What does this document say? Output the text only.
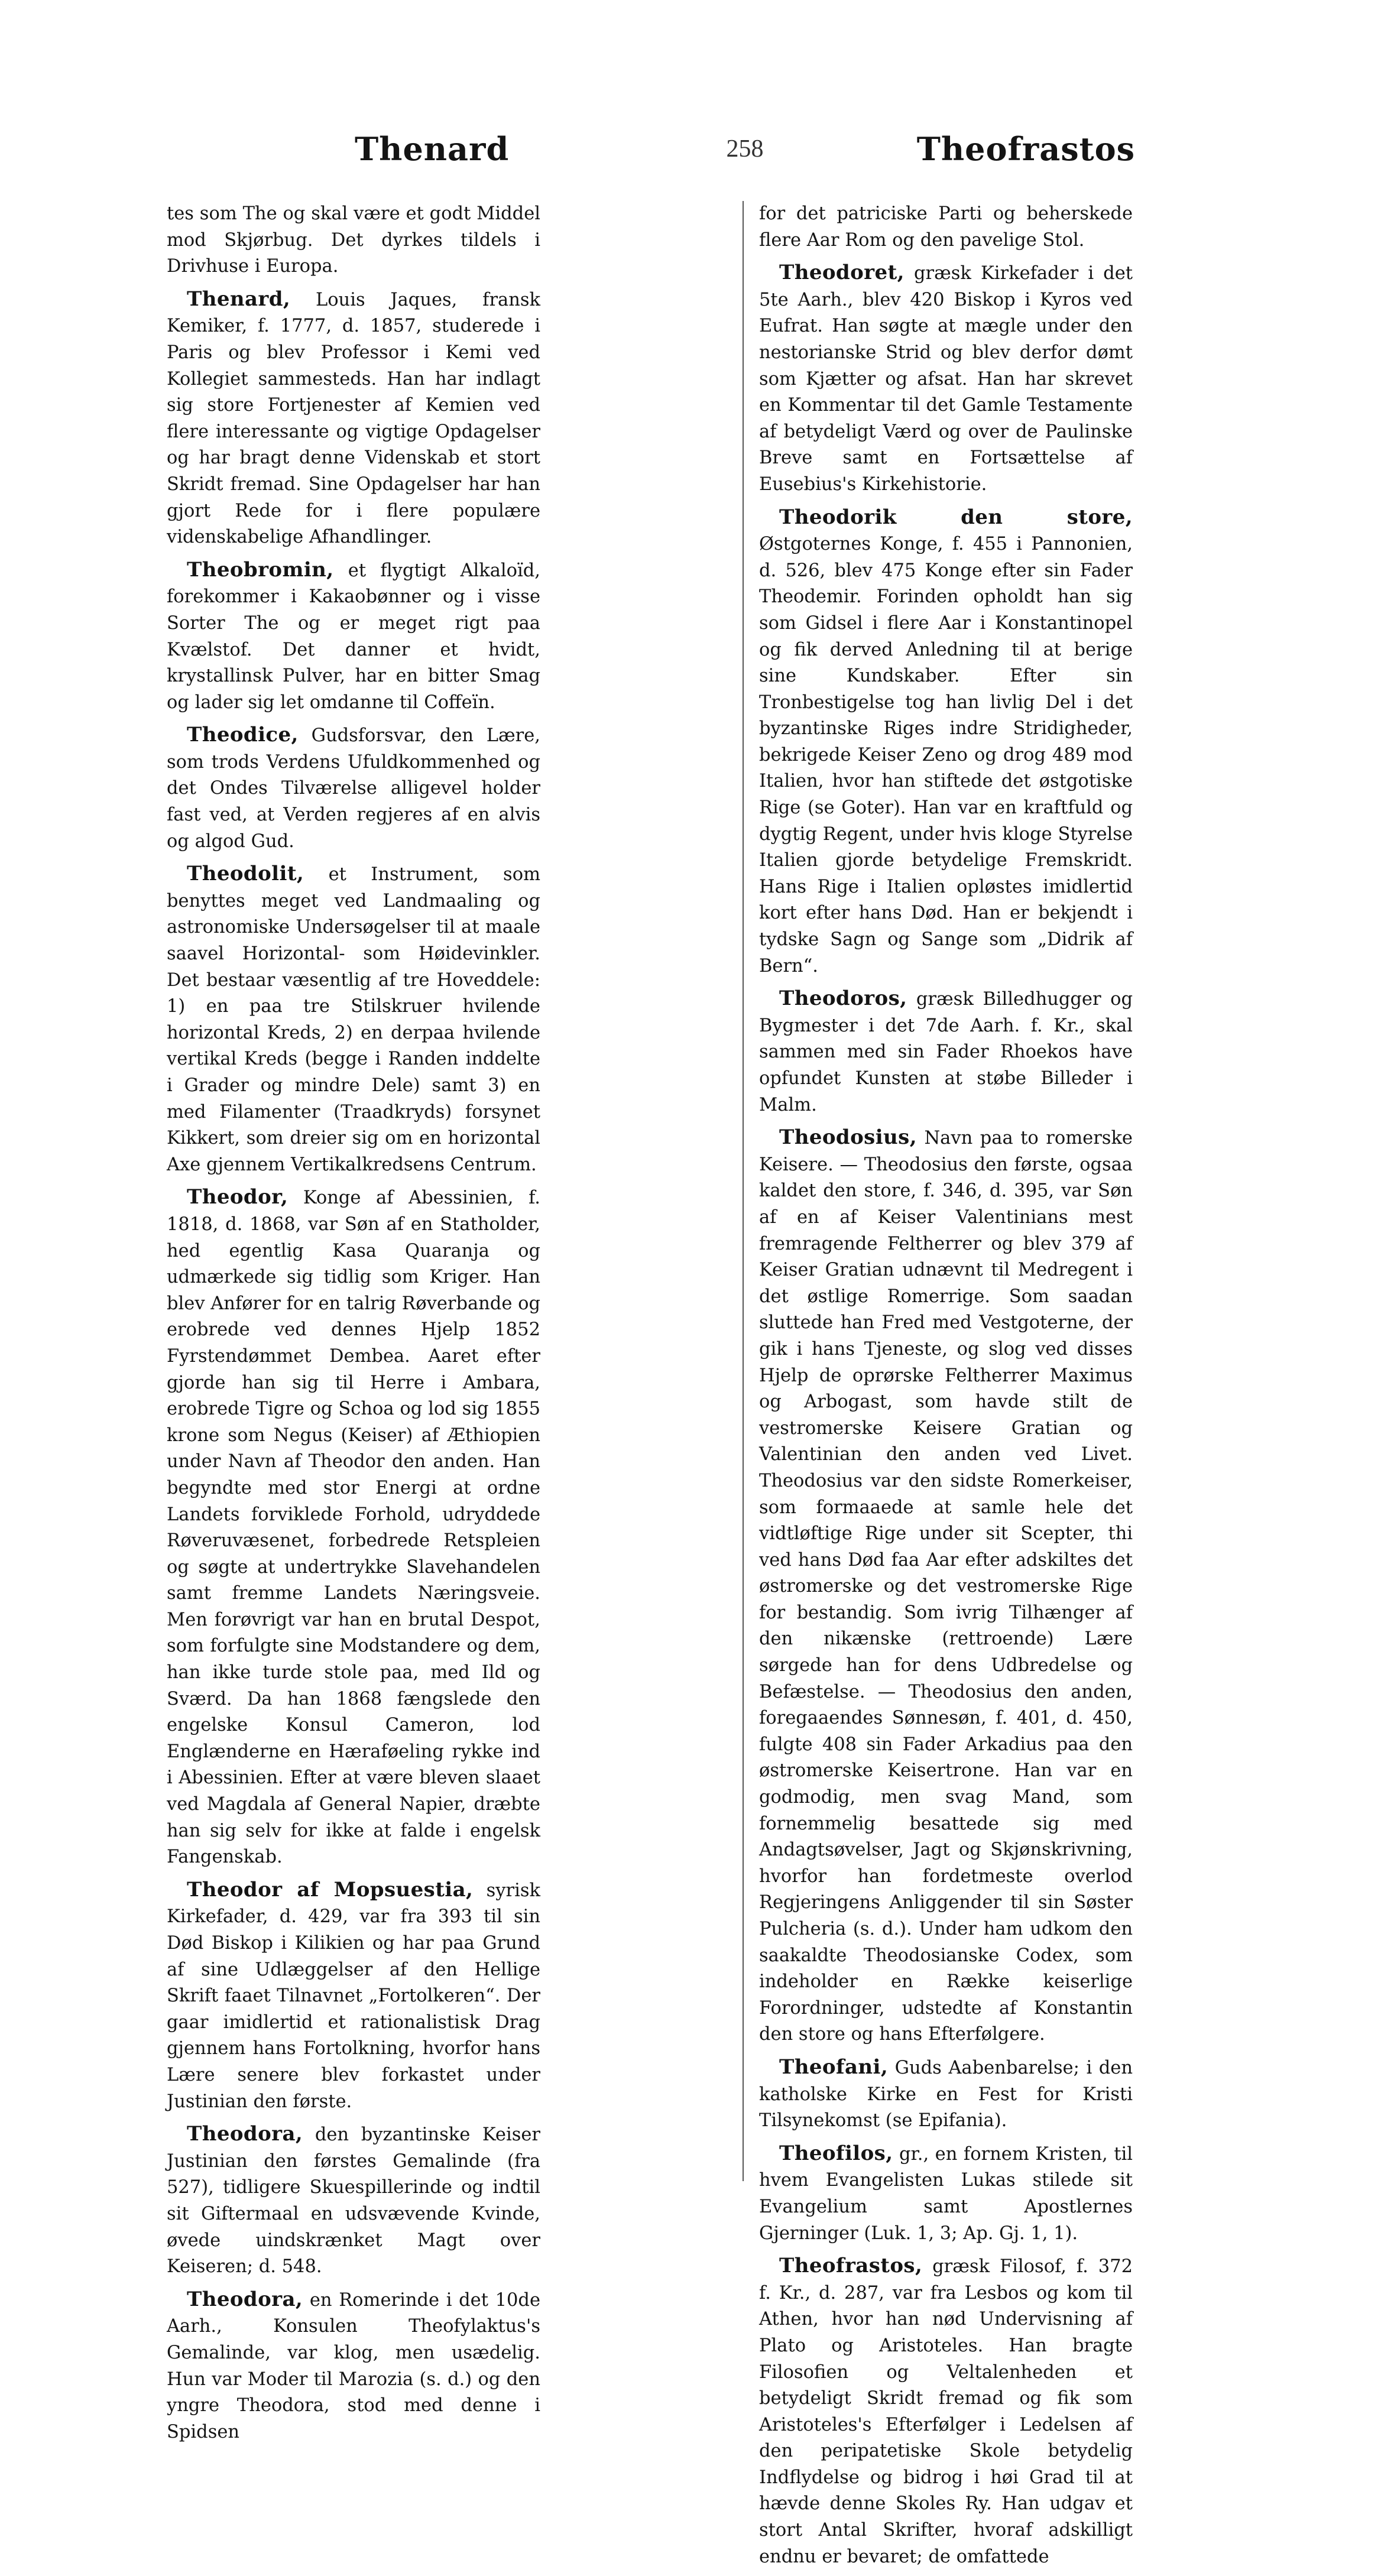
Thenard	258	Theofrastos

tes som The og skal være et godt Middel mod Skjørbug. Det dyrkes tildels i Drivhuse i Europa.

Thenard, Louis Jaques, fransk Kemiker, f. 1777, d. 1857, studerede i Paris og blev Professor i Kemi ved Kollegiet sammesteds. Han har indlagt sig store Fortjenester af Kemien ved flere interessante og vigtige Opdagelser og har bragt denne Videnskab et stort Skridt fremad. Sine Opdagelser har han gjort Rede for i flere populære videnskabelige Afhandlinger.

Theobromin, et flygtigt Alkaloïd, forekommer i Kakaobønner og i visse Sorter The og er meget rigt paa Kvælstof. Det danner et hvidt, krystallinsk Pulver, har en bitter Smag og lader sig let omdanne til Coffeïn.

Theodice, Gudsforsvar, den Lære, som trods Verdens Ufuldkommenhed og det Ondes Tilværelse alligevel holder fast ved, at Verden regjeres af en alvis og algod Gud.

Theodolit, et Instrument, som benyttes meget ved Landmaaling og astronomiske Undersøgelser til at maale saavel Horizontal- som Høidevinkler. Det bestaar væsentlig af tre Hoveddele: 1) en paa tre Stilskruer hvilende horizontal Kreds, 2) en derpaa hvilende vertikal Kreds (begge i Randen inddelte i Grader og mindre Dele) samt 3) en med Filamenter (Traadkryds) forsynet Kikkert, som dreier sig om en horizontal Axe gjennem Vertikalkredsens Centrum.

Theodor, Konge af Abessinien, f. 1818, d. 1868, var Søn af en Statholder, hed egentlig Kasa Quaranja og udmærkede sig tidlig som Kriger. Han blev Anfører for en talrig Røverbande og erobrede ved dennes Hjelp 1852 Fyrstendømmet Dembea. Aaret efter gjorde han sig til Herre i Ambara, erobrede Tigre og Schoa og lod sig 1855 krone som Negus (Keiser) af Æthiopien under Navn af Theodor den anden. Han begyndte med stor Energi at ordne Landets forviklede Forhold, udryddede Røveruvæsenet, forbedrede Retspleien og søgte at undertrykke Slavehandelen samt fremme Landets Næringsveie. Men forøvrigt var han en brutal Despot, som forfulgte sine Modstandere og dem, han ikke turde stole paa, med Ild og Sværd. Da han 1868 fængslede den engelske Konsul Cameron, lod Englænderne en Hæraføeling rykke ind i Abessinien. Efter at være bleven slaaet ved Magdala af General Napier, dræbte han sig selv for ikke at falde i engelsk Fangenskab.

Theodor af Mopsuestia, syrisk Kirkefader, d. 429, var fra 393 til sin Død Biskop i Kilikien og har paa Grund af sine Udlæggelser af den Hellige Skrift faaet Tilnavnet „Fortolkeren“. Der gaar imidlertid et rationalistisk Drag gjennem hans Fortolkning, hvorfor hans Lære senere blev forkastet under Justinian den første.

Theodora, den byzantinske Keiser Justinian den førstes Gemalinde (fra 527), tidligere Skuespillerinde og indtil sit Giftermaal en udsvævende Kvinde, øvede uindskrænket Magt over Keiseren; d. 548.

Theodora, en Romerinde i det 10de Aarh., Konsulen Theofylaktus's Gemalinde, var klog, men usædelig. Hun var Moder til Marozia (s. d.) og den yngre Theodora, stod med denne i Spidsen

for det patriciske Parti og beherskede flere Aar Rom og den pavelige Stol.

Theodoret, græsk Kirkefader i det 5te Aarh., blev 420 Biskop i Kyros ved Eufrat. Han søgte at mægle under den nestorianske Strid og blev derfor dømt som Kjætter og afsat. Han har skrevet en Kommentar til det Gamle Testamente af betydeligt Værd og over de Paulinske Breve samt en Fortsættelse af Eusebius's Kirkehistorie.

Theodorik den store, Østgoternes Konge, f. 455 i Pannonien, d. 526, blev 475 Konge efter sin Fader Theodemir. Forinden opholdt han sig som Gidsel i flere Aar i Konstantinopel og fik derved Anledning til at berige sine Kundskaber. Efter sin Tronbestigelse tog han livlig Del i det byzantinske Riges indre Stridigheder, bekrigede Keiser Zeno og drog 489 mod Italien, hvor han stiftede det østgotiske Rige (se Goter). Han var en kraftfuld og dygtig Regent, under hvis kloge Styrelse Italien gjorde betydelige Fremskridt. Hans Rige i Italien opløstes imidlertid kort efter hans Død. Han er bekjendt i tydske Sagn og Sange som „Didrik af Bern“.

Theodoros, græsk Billedhugger og Bygmester i det 7de Aarh. f. Kr., skal sammen med sin Fader Rhoekos have opfundet Kunsten at støbe Billeder i Malm.

Theodosius, Navn paa to romerske Keisere. — Theodosius den første, ogsaa kaldet den store, f. 346, d. 395, var Søn af en af Keiser Valentinians mest fremragende Feltherrer og blev 379 af Keiser Gratian udnævnt til Medregent i det østlige Romerrige. Som saadan sluttede han Fred med Vestgoterne, der gik i hans Tjeneste, og slog ved disses Hjelp de oprørske Feltherrer Maximus og Arbogast, som havde stilt de vestromerske Keisere Gratian og Valentinian den anden ved Livet. Theodosius var den sidste Romerkeiser, som formaaede at samle hele det vidtløftige Rige under sit Scepter, thi ved hans Død faa Aar efter adskiltes det østromerske og det vestromerske Rige for bestandig. Som ivrig Tilhænger af den nikænske (rettroende) Lære sørgede han for dens Udbredelse og Befæstelse. — Theodosius den anden, foregaaendes Sønnesøn, f. 401, d. 450, fulgte 408 sin Fader Arkadius paa den østromerske Keisertrone. Han var en godmodig, men svag Mand, som fornemmelig besattede sig med Andagtsøvelser, Jagt og Skjønskrivning, hvorfor han fordetmeste overlod Regjeringens Anliggender til sin Søster Pulcheria (s. d.). Under ham udkom den saakaldte Theodosianske Codex, som indeholder en Række keiserlige Forordninger, udstedte af Konstantin den store og hans Efterfølgere.

Theofani, Guds Aabenbarelse; i den katholske Kirke en Fest for Kristi Tilsynekomst (se Epifania).

Theofilos, gr., en fornem Kristen, til hvem Evangelisten Lukas stilede sit Evangelium samt Apostlernes Gjerninger (Luk. 1, 3; Ap. Gj. 1, 1).

Theofrastos, græsk Filosof, f. 372 f. Kr., d. 287, var fra Lesbos og kom til Athen, hvor han nød Undervisning af Plato og Aristoteles. Han bragte Filosofien og Veltalenheden et betydeligt Skridt fremad og fik som Aristoteles's Efterfølger i Ledelsen af den peripatetiske Skole betydelig Indflydelse og bidrog i høi Grad til at hævde denne Skoles Ry. Han udgav et stort Antal Skrifter, hvoraf adskilligt endnu er bevaret; de omfattede
